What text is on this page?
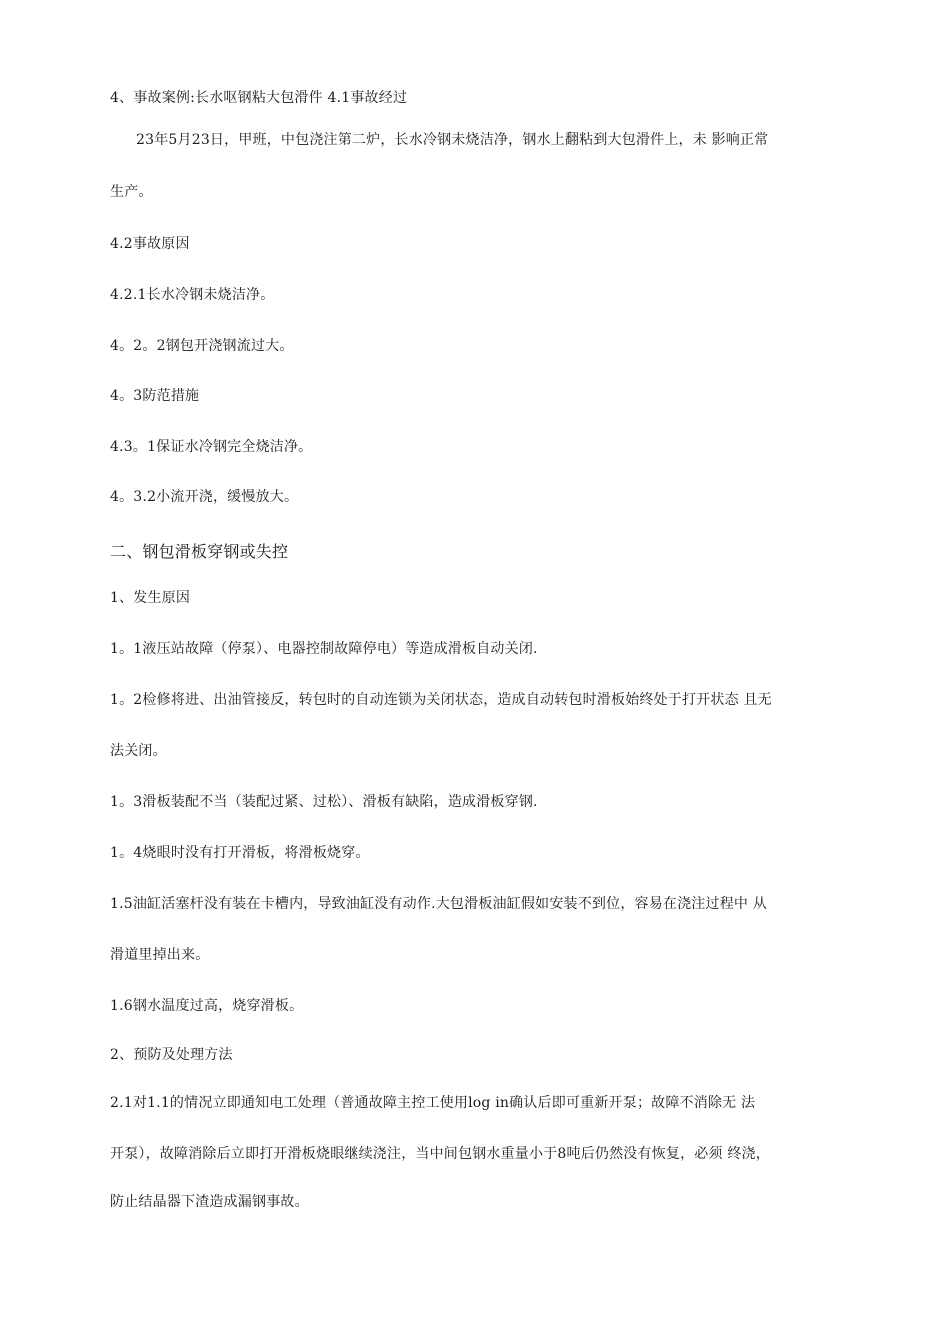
4、事故案例:长水呕钢粘大包滑件 4.1事故经过
23年5月23日，甲班，中包浇注第二炉，长水冷钢未烧洁净，钢水上翻粘到大包滑件上，未 影响正常
生产。
4.2事故原因
4.2.1长水冷钢未烧洁净。
4。2。2钢包开浇钢流过大。
4。3防范措施
4.3。1保证水冷钢完全烧洁净。
4。3.2小流开浇，缓慢放大。
二、钢包滑板穿钢或失控
1、发生原因
1。1液压站故障（停泵）、电器控制故障停电）等造成滑板自动关闭.
1。2检修将进、出油管接反，转包时的自动连锁为关闭状态，造成自动转包时滑板始终处于打开状态 且无
法关闭。
1。3滑板装配不当（装配过紧、过松）、滑板有缺陷，造成滑板穿钢.
1。4烧眼时没有打开滑板，将滑板烧穿。
1.5油缸活塞杆没有装在卡槽内，导致油缸没有动作.大包滑板油缸假如安装不到位，容易在浇注过程中 从
滑道里掉出来。
1.6钢水温度过高，烧穿滑板。
2、预防及处理方法
2.1对1.1的情况立即通知电工处理（普通故障主控工使用log in确认后即可重新开泵；故障不消除无 法
开泵），故障消除后立即打开滑板烧眼继续浇注，当中间包钢水重量小于8吨后仍然没有恢复，必须 终浇，
防止结晶器下渣造成漏钢事故。
